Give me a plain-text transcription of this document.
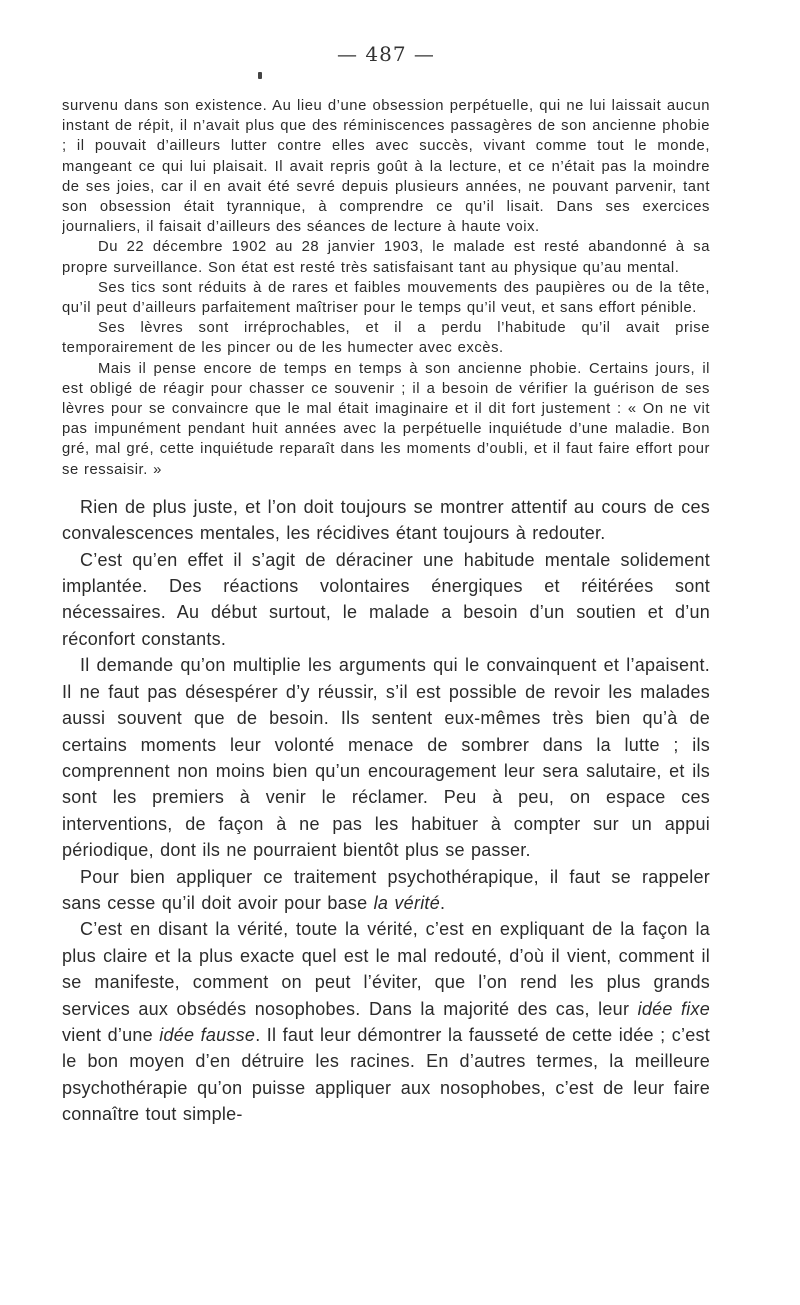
— 487 —

survenu dans son existence. Au lieu d’une obsession perpétuelle, qui ne lui laissait aucun instant de répit, il n’avait plus que des réminiscences passagères de son ancienne phobie ; il pouvait d’ailleurs lutter contre elles avec succès, vivant comme tout le monde, mangeant ce qui lui plaisait. Il avait repris goût à la lecture, et ce n’était pas la moindre de ses joies, car il en avait été sevré depuis plusieurs années, ne pouvant parvenir, tant son obsession était tyrannique, à comprendre ce qu’il lisait. Dans ses exercices journaliers, il faisait d’ailleurs des séances de lecture à haute voix.

Du 22 décembre 1902 au 28 janvier 1903, le malade est resté abandonné à sa propre surveillance. Son état est resté très satisfaisant tant au physique qu’au mental.

Ses tics sont réduits à de rares et faibles mouvements des paupières ou de la tête, qu’il peut d’ailleurs parfaitement maîtriser pour le temps qu’il veut, et sans effort pénible.

Ses lèvres sont irréprochables, et il a perdu l’habitude qu’il avait prise temporairement de les pincer ou de les humecter avec excès.

Mais il pense encore de temps en temps à son ancienne phobie. Certains jours, il est obligé de réagir pour chasser ce souvenir ; il a besoin de vérifier la guérison de ses lèvres pour se convaincre que le mal était imaginaire et il dit fort justement : « On ne vit pas impunément pendant huit années avec la perpétuelle inquiétude d’une maladie. Bon gré, mal gré, cette inquiétude reparaît dans les moments d’oubli, et il faut faire effort pour se ressaisir. »

Rien de plus juste, et l’on doit toujours se montrer attentif au cours de ces convalescences mentales, les récidives étant toujours à redouter.

C’est qu’en effet il s’agit de déraciner une habitude mentale solidement implantée. Des réactions volontaires énergiques et réitérées sont nécessaires. Au début surtout, le malade a besoin d’un soutien et d’un réconfort constants.

Il demande qu’on multiplie les arguments qui le convainquent et l’apaisent. Il ne faut pas désespérer d’y réussir, s’il est possible de revoir les malades aussi souvent que de besoin. Ils sentent eux-mêmes très bien qu’à de certains moments leur volonté menace de sombrer dans la lutte ; ils comprennent non moins bien qu’un encouragement leur sera salutaire, et ils sont les premiers à venir le réclamer. Peu à peu, on espace ces interventions, de façon à ne pas les habituer à compter sur un appui périodique, dont ils ne pourraient bientôt plus se passer.

Pour bien appliquer ce traitement psychothérapique, il faut se rappeler sans cesse qu’il doit avoir pour base la vérité.

C’est en disant la vérité, toute la vérité, c’est en expliquant de la façon la plus claire et la plus exacte quel est le mal redouté, d’où il vient, comment il se manifeste, comment on peut l’éviter, que l’on rend les plus grands services aux obsédés nosophobes. Dans la majorité des cas, leur idée fixe vient d’une idée fausse. Il faut leur démontrer la fausseté de cette idée ; c’est le bon moyen d’en détruire les racines. En d’autres termes, la meilleure psychothérapie qu’on puisse appliquer aux nosophobes, c’est de leur faire connaître tout simple-
